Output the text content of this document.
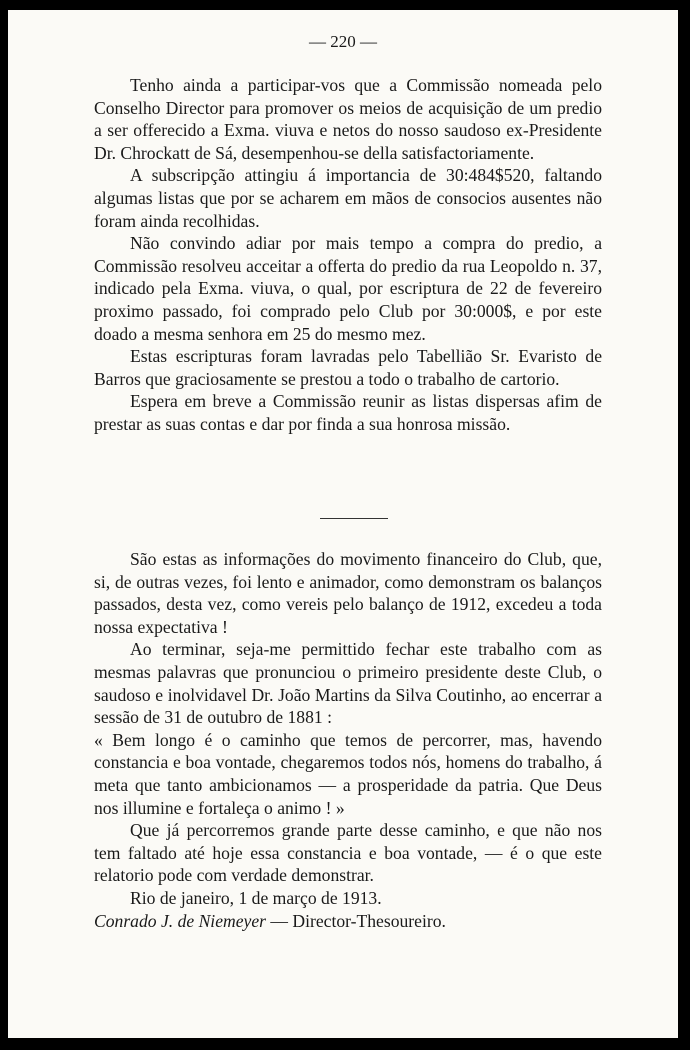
— 220 —

Tenho ainda a participar-vos que a Commissão nomeada pelo Conselho Director para promover os meios de acquisição de um predio a ser offerecido a Exma. viuva e netos do nosso saudoso ex-Presidente Dr. Chrockatt de Sá, desempenhou-se della satisfactoriamente.

A subscripção attingiu á importancia de 30:484$520, faltando algumas listas que por se acharem em mãos de consocios ausentes não foram ainda recolhidas.

Não convindo adiar por mais tempo a compra do predio, a Commissão resolveu acceitar a offerta do predio da rua Leopoldo n. 37, indicado pela Exma. viuva, o qual, por escriptura de 22 de fevereiro proximo passado, foi comprado pelo Club por 30:000$, e por este doado a mesma senhora em 25 do mesmo mez.

Estas escripturas foram lavradas pelo Tabellião Sr. Evaristo de Barros que graciosamente se prestou a todo o trabalho de cartorio.

Espera em breve a Commissão reunir as listas dispersas afim de prestar as suas contas e dar por finda a sua honrosa missão.

São estas as informações do movimento financeiro do Club, que, si, de outras vezes, foi lento e animador, como demonstram os balanços passados, desta vez, como vereis pelo balanço de 1912, excedeu a toda nossa expectativa !

Ao terminar, seja-me permittido fechar este trabalho com as mesmas palavras que pronunciou o primeiro presidente deste Club, o saudoso e inolvidavel Dr. João Martins da Silva Coutinho, ao encerrar a sessão de 31 de outubro de 1881 :

« Bem longo é o caminho que temos de percorrer, mas, havendo constancia e boa vontade, chegaremos todos nós, homens do trabalho, á meta que tanto ambicionamos — a prosperidade da patria. Que Deus nos illumine e fortaleça o animo ! »

Que já percorremos grande parte desse caminho, e que não nos tem faltado até hoje essa constancia e boa vontade, — é o que este relatorio pode com verdade demonstrar.

Rio de janeiro, 1 de março de 1913.

Conrado J. de Niemeyer — Director-Thesoureiro.
